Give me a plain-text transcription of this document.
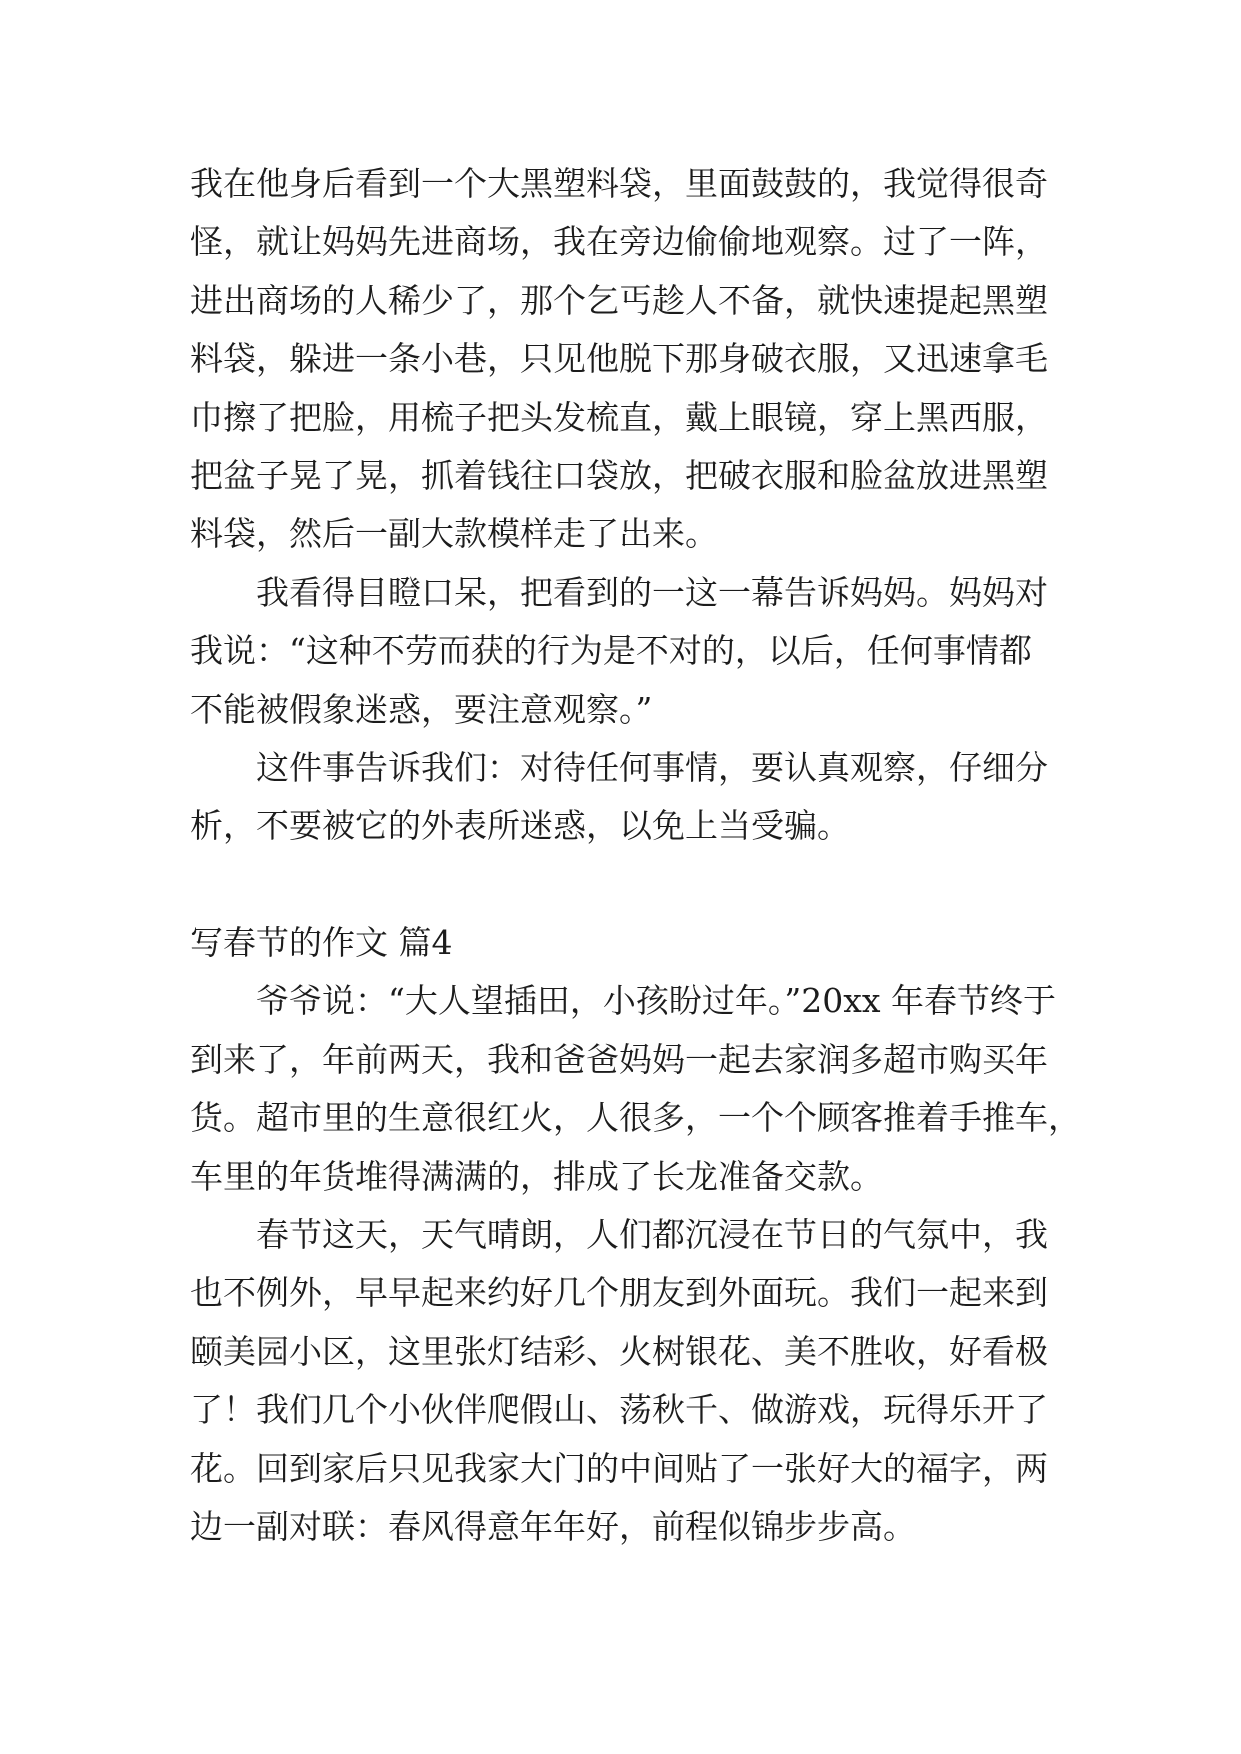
我在他身后看到一个大黑塑料袋，里面鼓鼓的，我觉得很奇
怪，就让妈妈先进商场，我在旁边偷偷地观察。过了一阵，
进出商场的人稀少了，那个乞丐趁人不备，就快速提起黑塑
料袋，躲进一条小巷，只见他脱下那身破衣服，又迅速拿毛
巾擦了把脸，用梳子把头发梳直，戴上眼镜，穿上黑西服，
把盆子晃了晃，抓着钱往口袋放，把破衣服和脸盆放进黑塑
料袋，然后一副大款模样走了出来。
我看得目瞪口呆，把看到的一这一幕告诉妈妈。妈妈对
我说：“这种不劳而获的行为是不对的，以后，任何事情都
不能被假象迷惑，要注意观察。”
这件事告诉我们：对待任何事情，要认真观察，仔细分
析，不要被它的外表所迷惑，以免上当受骗。
写春节的作文 篇4
爷爷说：“大人望插田，小孩盼过年。”20xx 年春节终于
到来了，年前两天，我和爸爸妈妈一起去家润多超市购买年
货。超市里的生意很红火，人很多，一个个顾客推着手推车，
车里的年货堆得满满的，排成了长龙准备交款。
春节这天，天气晴朗，人们都沉浸在节日的气氛中，我
也不例外，早早起来约好几个朋友到外面玩。我们一起来到
颐美园小区，这里张灯结彩、火树银花、美不胜收，好看极
了！我们几个小伙伴爬假山、荡秋千、做游戏，玩得乐开了
花。回到家后只见我家大门的中间贴了一张好大的福字，两
边一副对联：春风得意年年好，前程似锦步步高。
